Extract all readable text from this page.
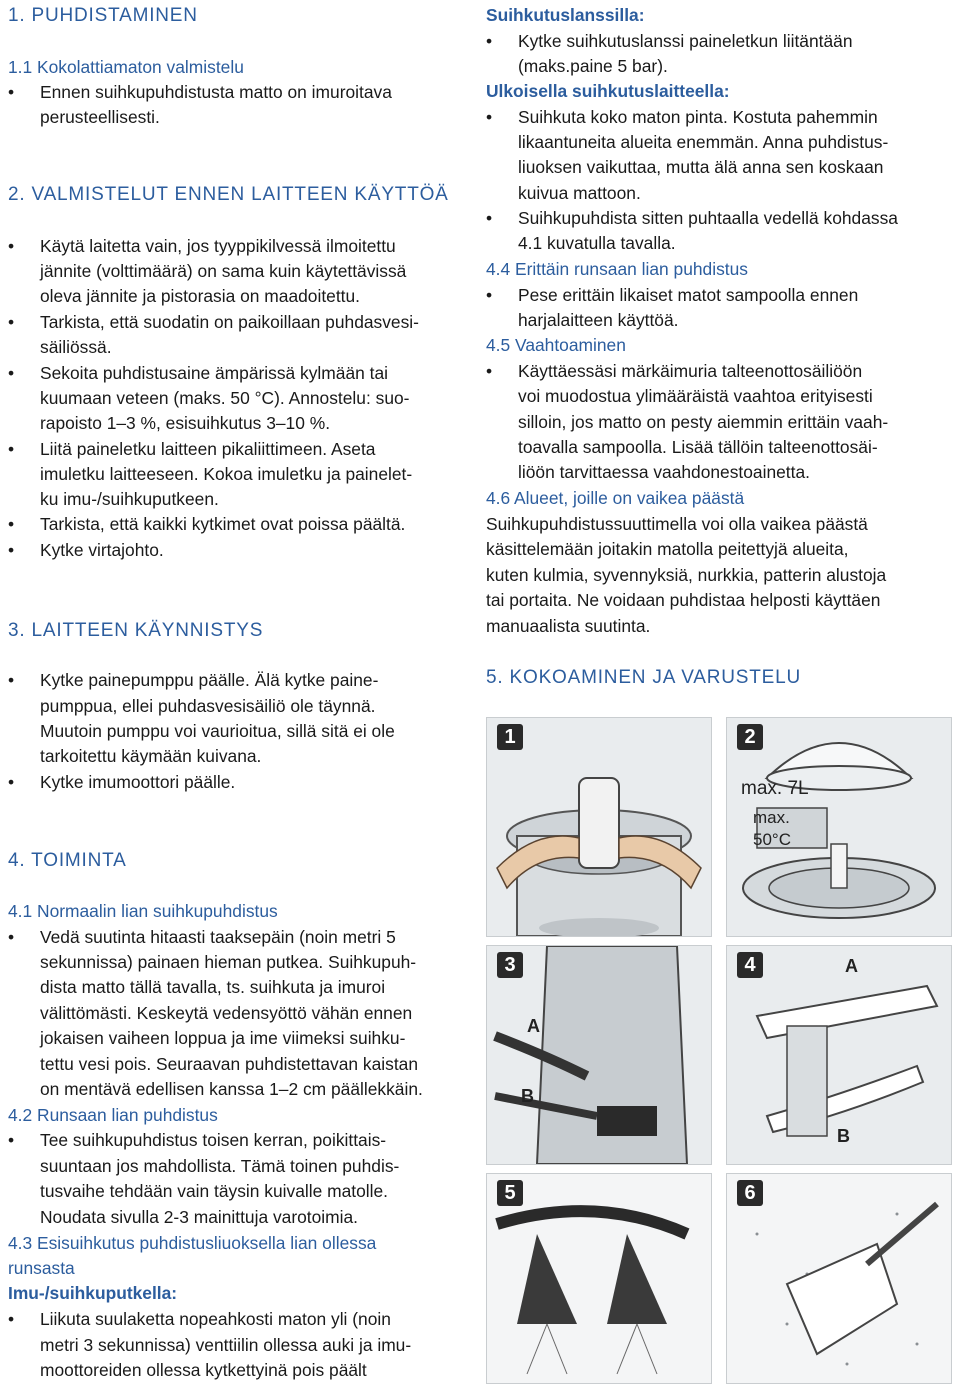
1. PUHDISTAMINEN
1.1 Kokolattiamaton valmistelu
Ennen suihkupuhdistusta matto on imuroitava
perusteellisesti.
2. VALMISTELUT ENNEN LAITTEEN KÄYTTÖÄ
Käytä laitetta vain, jos tyyppikilvessä ilmoitettu
jännite (volttimäärä) on sama kuin käytettävissä
oleva jännite ja pistorasia on maadoitettu.
Tarkista, että suodatin on paikoillaan puhdasvesi-
säiliössä.
Sekoita puhdistusaine ämpärissä kylmään tai
kuumaan veteen (maks. 50 °C). Annostelu: suo-
rapoisto 1–3 %, esisuihkutus 3–10 %.
Liitä paineletku laitteen pikaliittimeen. Aseta
imuletku laitteeseen. Kokoa imuletku ja painelet-
ku imu-/suihkuputkeen.
Tarkista, että kaikki kytkimet ovat poissa päältä.
Kytke virtajohto.
3. LAITTEEN KÄYNNISTYS
Kytke painepumppu päälle. Älä kytke paine-
pumppua, ellei puhdasvesisäiliö ole täynnä.
Muutoin pumppu voi vaurioitua, sillä sitä ei ole
tarkoitettu käymään kuivana.
Kytke imumoottori päälle.
4. TOIMINTA
4.1 Normaalin lian suihkupuhdistus
Vedä suutinta hitaasti taaksepäin (noin metri 5
sekunnissa) painaen hieman putkea. Suihkupuh-
dista matto tällä tavalla, ts. suihkuta ja imuroi
välittömästi. Keskeytä vedensyöttö vähän ennen
jokaisen vaiheen loppua ja ime viimeksi suihku-
tettu vesi pois. Seuraavan puhdistettavan kaistan
on mentävä edellisen kanssa 1–2 cm päällekkäin.
4.2 Runsaan lian puhdistus
Tee suihkupuhdistus toisen kerran, poikittais-
suuntaan jos mahdollista. Tämä toinen puhdis-
tusvaihe tehdään vain täysin kuivalle matolle.
Noudata sivulla 2-3 mainittuja varotoimia.
4.3 Esisuihkutus puhdistusliuoksella lian ollessa
runsasta
Imu-/suihkuputkella:
Liikuta suulaketta nopeahkosti maton yli (noin
metri 3 sekunnissa) venttiilin ollessa auki ja imu-
moottoreiden ollessa kytkettyinä pois päält
Suihkutuslanssilla:
Kytke suihkutuslanssi paineletkun liitäntään
(maks.paine 5 bar).
Ulkoisella suihkutuslaitteella:
Suihkuta koko maton pinta. Kostuta pahemmin
likaantuneita alueita enemmän. Anna puhdistus-
liuoksen vaikuttaa, mutta älä anna sen koskaan
kuivua mattoon.
Suihkupuhdista sitten puhtaalla vedellä kohdassa
4.1 kuvatulla tavalla.
4.4 Erittäin runsaan lian puhdistus
Pese erittäin likaiset matot sampoolla ennen
harjalaitteen käyttöä.
4.5 Vaahtoaminen
Käyttäessäsi märkäimuria talteenottosäiliöön
voi muodostua ylimääräistä vaahtoa erityisesti
silloin, jos matto on pesty aiemmin erittäin vaah-
toavalla sampoolla. Lisää tällöin talteenottosäi-
liöön tarvittaessa vaahdonestoainetta.
4.6 Alueet, joille on vaikea päästä
Suihkupuhdistussuuttimella voi olla vaikea päästä
käsittelemään joitakin matolla peitettyjä alueita,
kuten kulmia, syvennyksiä, nurkkia, patterin alustoja
tai portaita. Ne voidaan puhdistaa helposti käyttäen
manuaalista suutinta.
5. KOKOAMINEN JA VARUSTELU
1	2
max. 7L
max.
50°C
3
A
B
4	A
B
5	6
